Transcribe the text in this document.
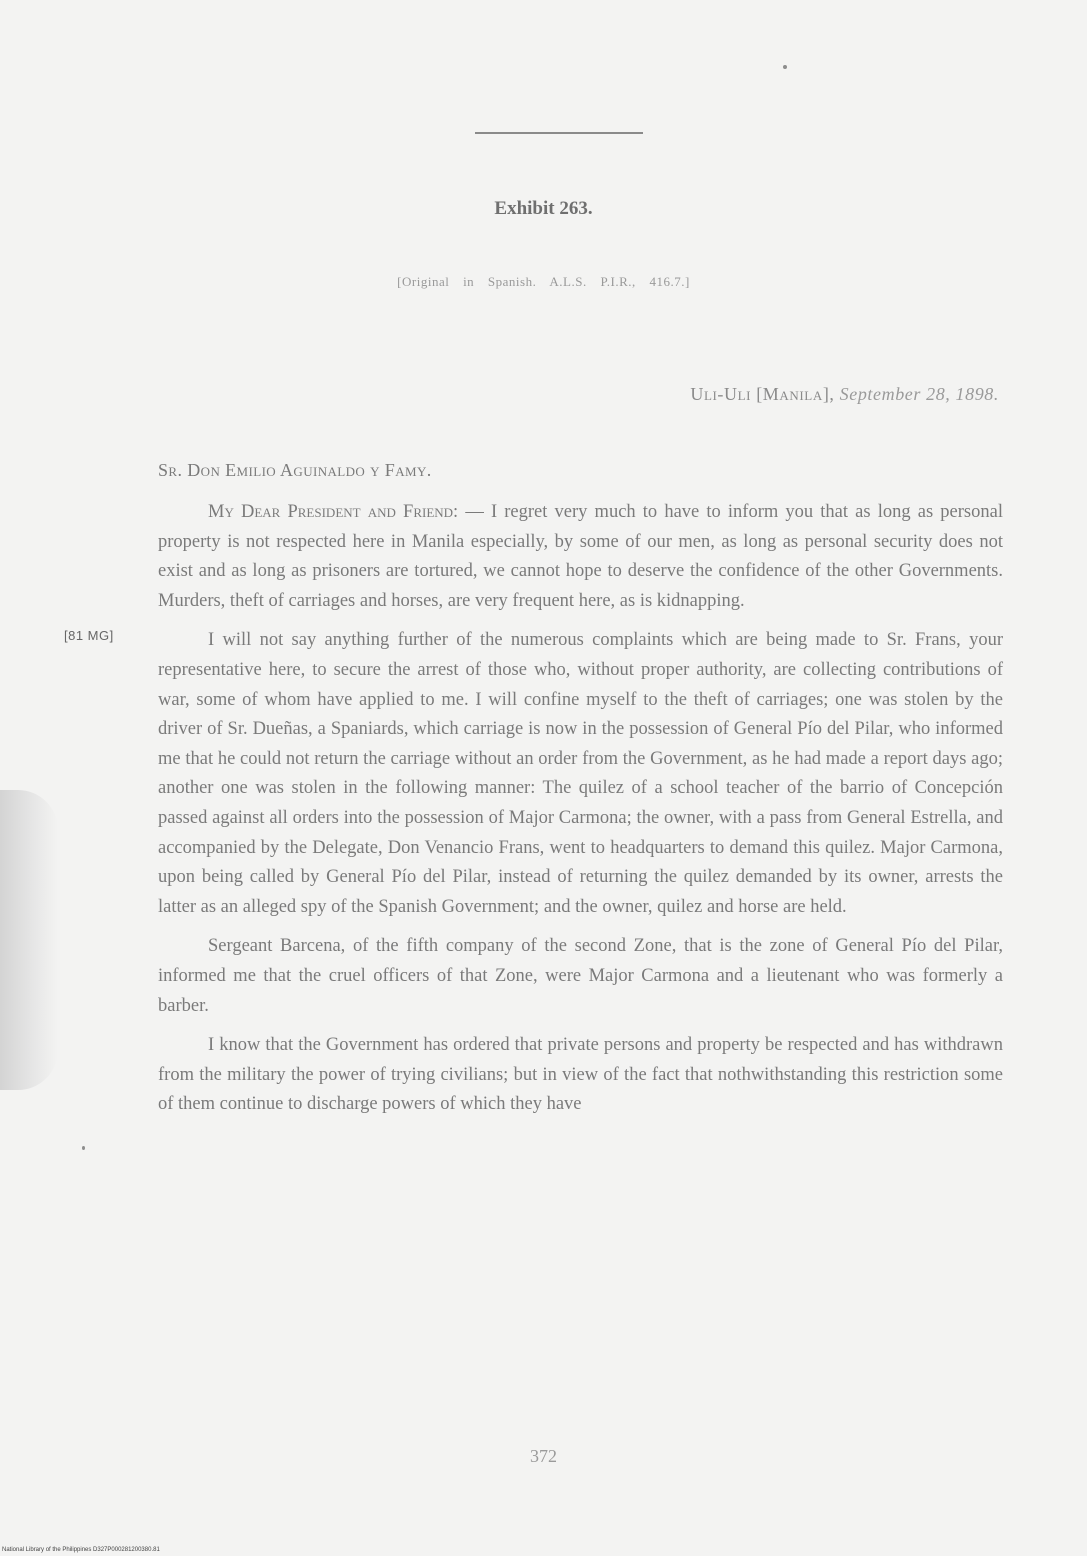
Exhibit 263.
[Original in Spanish. A.L.S. P.I.R., 416.7.]
Uli-Uli [Manila], September 28, 1898.
Sr. Don Emilio Aguinaldo y Famy.
[81 MG]

My Dear President and Friend: — I regret very much to have to inform you that as long as personal property is not respected here in Manila especially, by some of our men, as long as personal security does not exist and as long as prisoners are tortured, we cannot hope to deserve the confidence of the other Governments. Murders, theft of carriages and horses, are very frequent here, as is kidnapping.

I will not say anything further of the numerous complaints which are being made to Sr. Frans, your representative here, to secure the arrest of those who, without proper authority, are collecting contributions of war, some of whom have applied to me. I will confine myself to the theft of carriages; one was stolen by the driver of Sr. Dueñas, a Spaniards, which carriage is now in the possession of General Pío del Pilar, who informed me that he could not return the carriage without an order from the Government, as he had made a report days ago; another one was stolen in the following manner: The quilez of a school teacher of the barrio of Concepción passed against all orders into the possession of Major Carmona; the owner, with a pass from General Estrella, and accompanied by the Delegate, Don Venancio Frans, went to headquarters to demand this quilez. Major Carmona, upon being called by General Pío del Pilar, instead of returning the quilez demanded by its owner, arrests the latter as an alleged spy of the Spanish Government; and the owner, quilez and horse are held.

Sergeant Barcena, of the fifth company of the second Zone, that is the zone of General Pío del Pilar, informed me that the cruel officers of that Zone, were Major Carmona and a lieutenant who was formerly a barber.

I know that the Government has ordered that private persons and property be respected and has withdrawn from the military the power of trying civilians; but in view of the fact that nothwithstanding this restriction some of them continue to discharge powers of which they have

372
National Library of the Philippines D327P000281200380.81
